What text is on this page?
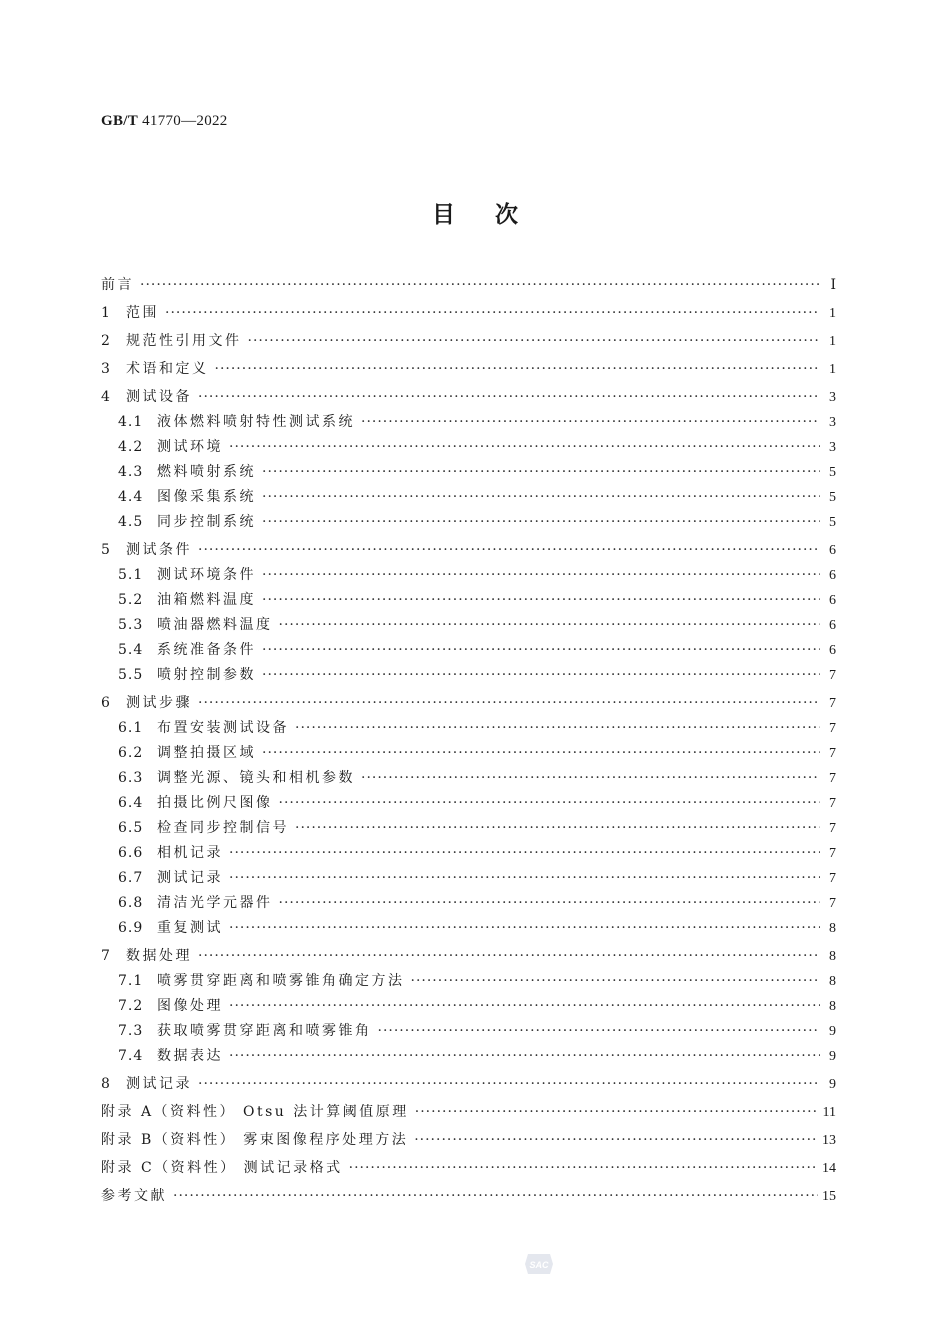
GB/T 41770—2022
目次
前言 ·····	Ⅰ
1	范围 ·····	1
2	规范性引用文件 ·····	1
3	术语和定义 ·····	1
4	测试设备 ·····	3
4.1 液体燃料喷射特性测试系统 ·····	3
4.2 测试环境 ·····	3
4.3 燃料喷射系统 ·····	5
4.4 图像采集系统 ·····	5
4.5 同步控制系统 ·····	5
5	测试条件 ·····	6
5.1 测试环境条件 ·····	6
5.2 油箱燃料温度 ·····	6
5.3 喷油器燃料温度 ·····	6
5.4 系统准备条件 ·····	6
5.5 喷射控制参数 ·····	7
6	测试步骤 ·····	7
6.1 布置安装测试设备 ·····	7
6.2 调整拍摄区域 ·····	7
6.3 调整光源、镜头和相机参数 ·····	7
6.4 拍摄比例尺图像 ·····	7
6.5 检查同步控制信号 ·····	7
6.6 相机记录 ·····	7
6.7 测试记录 ·····	7
6.8 清洁光学元器件 ·····	7
6.9 重复测试 ·····	8
7	数据处理 ·····	8
7.1 喷雾贯穿距离和喷雾锥角确定方法 ·····	8
7.2 图像处理 ·····	8
7.3 获取喷雾贯穿距离和喷雾锥角 ·····	9
7.4 数据表达 ·····	9
8	测试记录 ·····	9
附录 A（资料性） Otsu 法计算阈值原理 ·····	11
附录 B（资料性） 雾束图像程序处理方法 ·····	13
附录 C（资料性） 测试记录格式 ·····	14
参考文献 ·····	15
SAC
